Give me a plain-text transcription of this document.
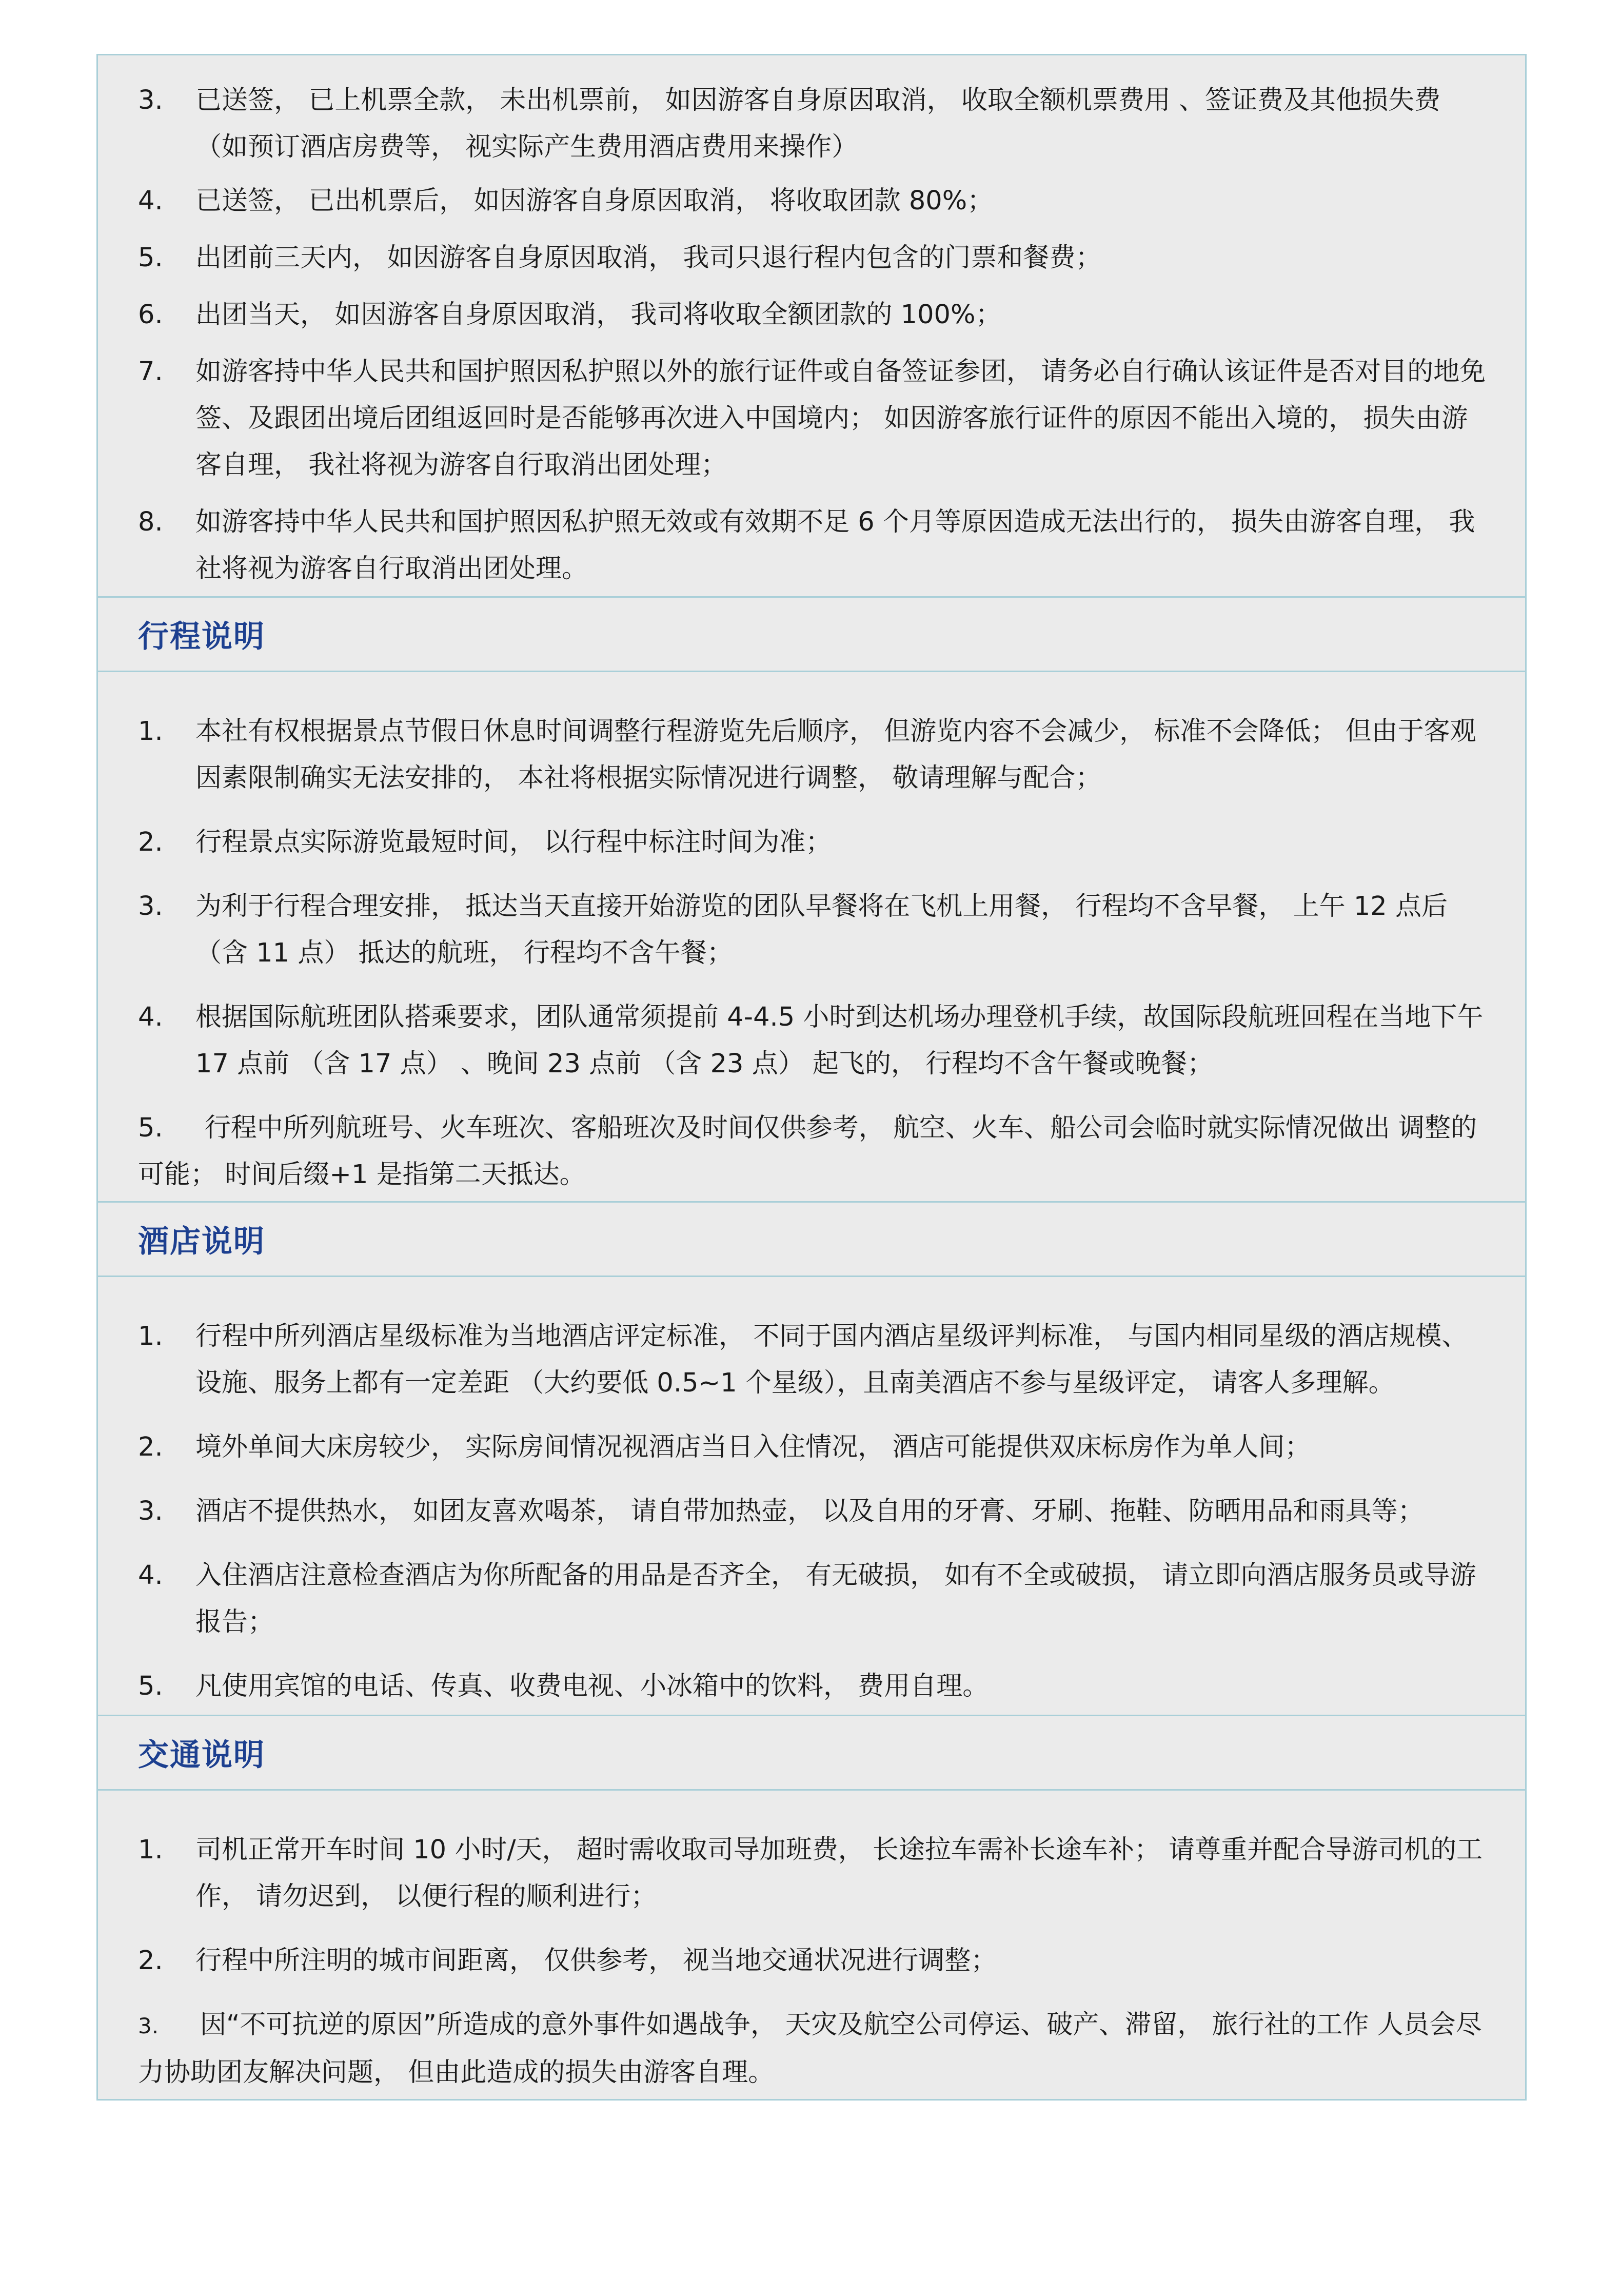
3.	已送签， 已上机票全款， 未出机票前， 如因游客自身原因取消， 收取全额机票费用 、签证费及其他损失费 （如预订酒店房费等， 视实际产生费用酒店费用来操作）
4.	已送签， 已出机票后， 如因游客自身原因取消， 将收取团款 80%；
5.	出团前三天内， 如因游客自身原因取消， 我司只退行程内包含的门票和餐费；
6.	出团当天， 如因游客自身原因取消， 我司将收取全额团款的 100%；
7.	如游客持中华人民共和国护照因私护照以外的旅行证件或自备签证参团， 请务必自行确认该证件是否对目的地免签、及跟团出境后团组返回时是否能够再次进入中国境内； 如因游客旅行证件的原因不能出入境的， 损失由游客自理， 我社将视为游客自行取消出团处理；
8.	如游客持中华人民共和国护照因私护照无效或有效期不足 6 个月等原因造成无法出行的， 损失由游客自理， 我社将视为游客自行取消出团处理。
行程说明
1.	本社有权根据景点节假日休息时间调整行程游览先后顺序， 但游览内容不会减少， 标准不会降低； 但由于客观因素限制确实无法安排的， 本社将根据实际情况进行调整， 敬请理解与配合；
2.	行程景点实际游览最短时间， 以行程中标注时间为准；
3.	为利于行程合理安排， 抵达当天直接开始游览的团队早餐将在飞机上用餐， 行程均不含早餐， 上午 12 点后 （含 11 点） 抵达的航班， 行程均不含午餐；
4.	根据国际航班团队搭乘要求，团队通常须提前 4-4.5 小时到达机场办理登机手续，故国际段航班回程在当地下午 17 点前 （含 17 点） 、晚间 23 点前 （含 23 点） 起飞的， 行程均不含午餐或晚餐；
5. 行程中所列航班号、火车班次、客船班次及时间仅供参考， 航空、火车、船公司会临时就实际情况做出 调整的可能； 时间后缀+1 是指第二天抵达。
酒店说明
1.	行程中所列酒店星级标准为当地酒店评定标准， 不同于国内酒店星级评判标准， 与国内相同星级的酒店规模、设施、服务上都有一定差距 （大约要低 0.5~1 个星级），且南美酒店不参与星级评定， 请客人多理解。
2.	境外单间大床房较少， 实际房间情况视酒店当日入住情况， 酒店可能提供双床标房作为单人间；
3.	酒店不提供热水， 如团友喜欢喝茶， 请自带加热壶， 以及自用的牙膏、牙刷、拖鞋、防晒用品和雨具等；
4.	入住酒店注意检查酒店为你所配备的用品是否齐全， 有无破损， 如有不全或破损， 请立即向酒店服务员或导游报告；
5.	凡使用宾馆的电话、传真、收费电视、小冰箱中的饮料， 费用自理。
交通说明
1.	司机正常开车时间 10 小时/天， 超时需收取司导加班费， 长途拉车需补长途车补； 请尊重并配合导游司机的工作， 请勿迟到， 以便行程的顺利进行；
2.	行程中所注明的城市间距离， 仅供参考， 视当地交通状况进行调整；
3. 因“不可抗逆的原因”所造成的意外事件如遇战争， 天灾及航空公司停运、破产、滞留， 旅行社的工作 人员会尽力协助团友解决问题， 但由此造成的损失由游客自理。
